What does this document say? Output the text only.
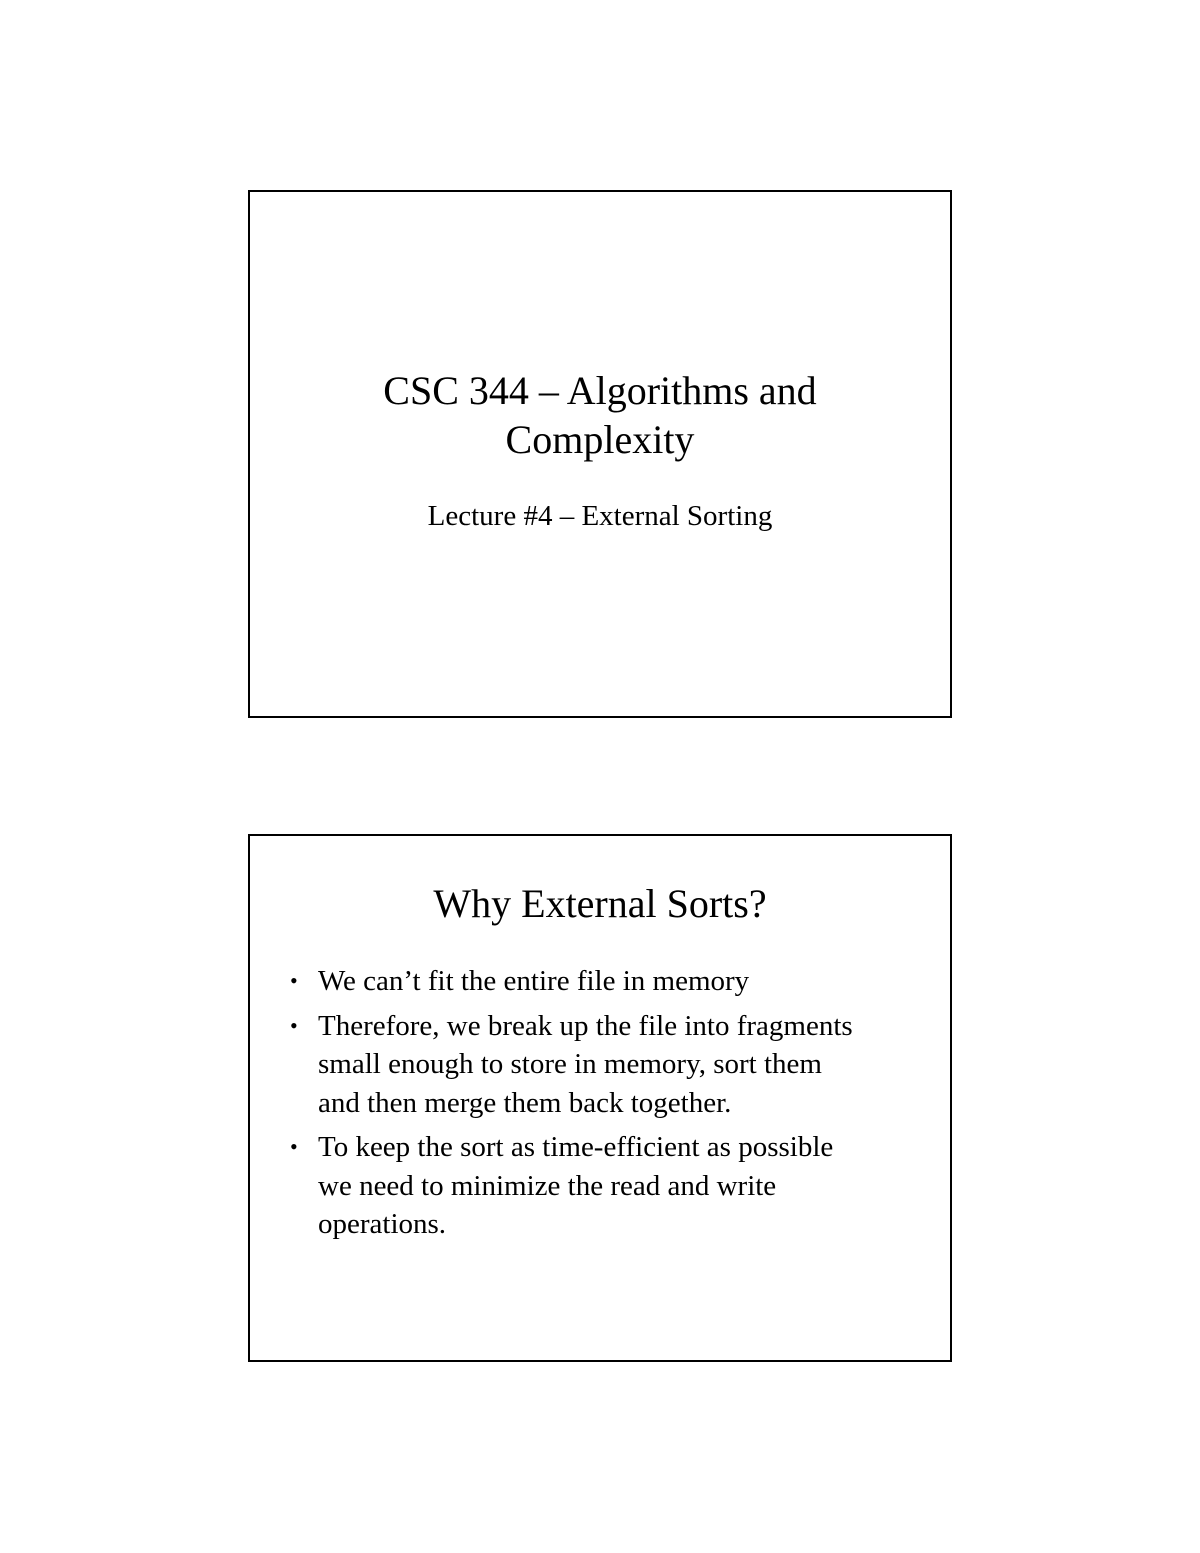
CSC 344 – Algorithms and
Complexity
Lecture #4 – External Sorting
Why External Sorts?
• We can’t fit the entire file in memory
• Therefore, we break up the file into fragments
small enough to store in memory, sort them
and then merge them back together.
• To keep the sort as time-efficient as possible
we need to minimize the read and write
operations.
